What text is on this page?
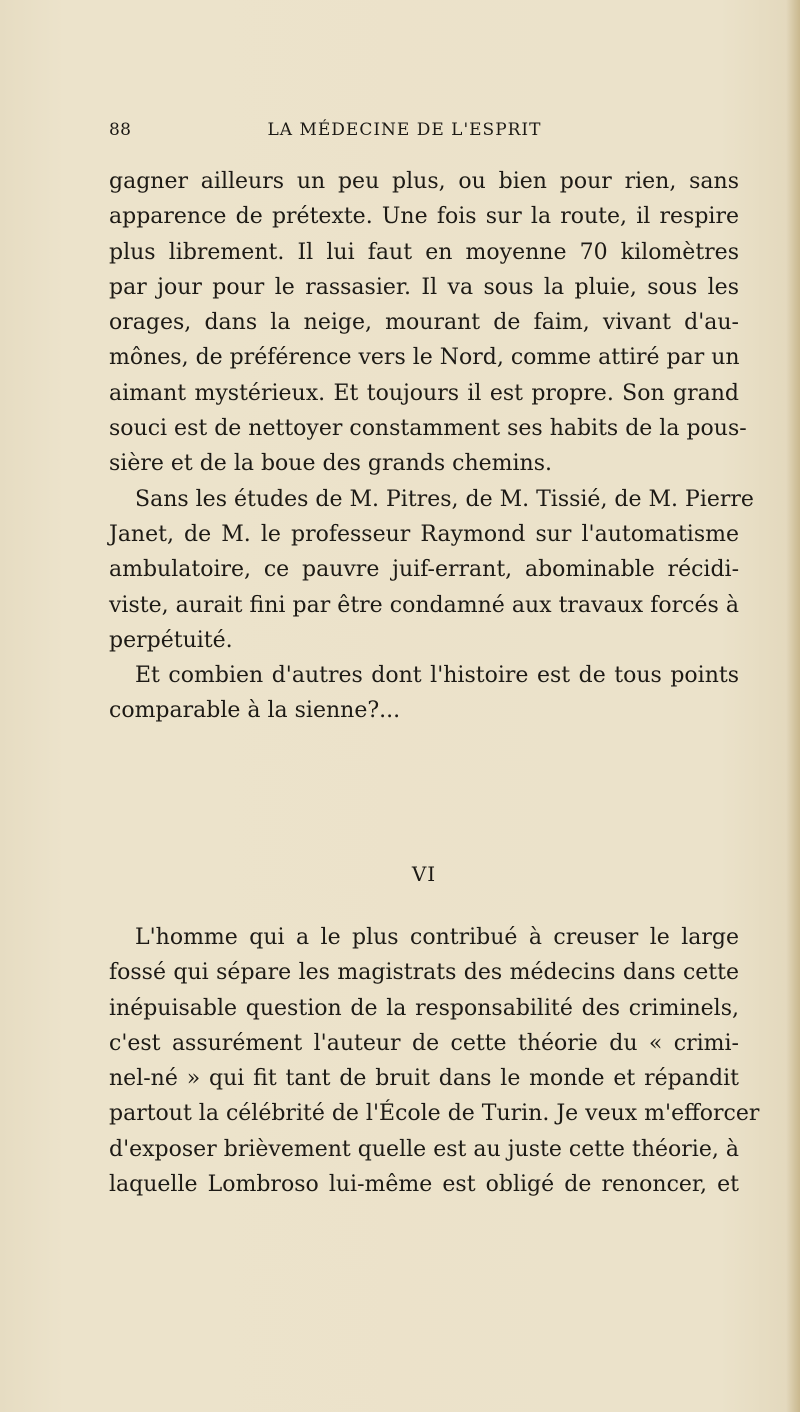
88	LA MÉDECINE DE L'ESPRIT
gagner ailleurs un peu plus, ou bien pour rien, sans
apparence de prétexte. Une fois sur la route, il respire
plus librement. Il lui faut en moyenne 70 kilomètres
par jour pour le rassasier. Il va sous la pluie, sous les
orages, dans la neige, mourant de faim, vivant d'au-
mônes, de préférence vers le Nord, comme attiré par un
aimant mystérieux. Et toujours il est propre. Son grand
souci est de nettoyer constamment ses habits de la pous-
sière et de la boue des grands chemins.
Sans les études de M. Pitres, de M. Tissié, de M. Pierre
Janet, de M. le professeur Raymond sur l'automatisme
ambulatoire, ce pauvre juif-errant, abominable récidi-
viste, aurait fini par être condamné aux travaux forcés à
perpétuité.
Et combien d'autres dont l'histoire est de tous points
comparable à la sienne?...
VI
L'homme qui a le plus contribué à creuser le large
fossé qui sépare les magistrats des médecins dans cette
inépuisable question de la responsabilité des criminels,
c'est assurément l'auteur de cette théorie du « crimi-
nel-né » qui fit tant de bruit dans le monde et répandit
partout la célébrité de l'École de Turin. Je veux m'efforcer
d'exposer brièvement quelle est au juste cette théorie, à
laquelle Lombroso lui-même est obligé de renoncer, et
